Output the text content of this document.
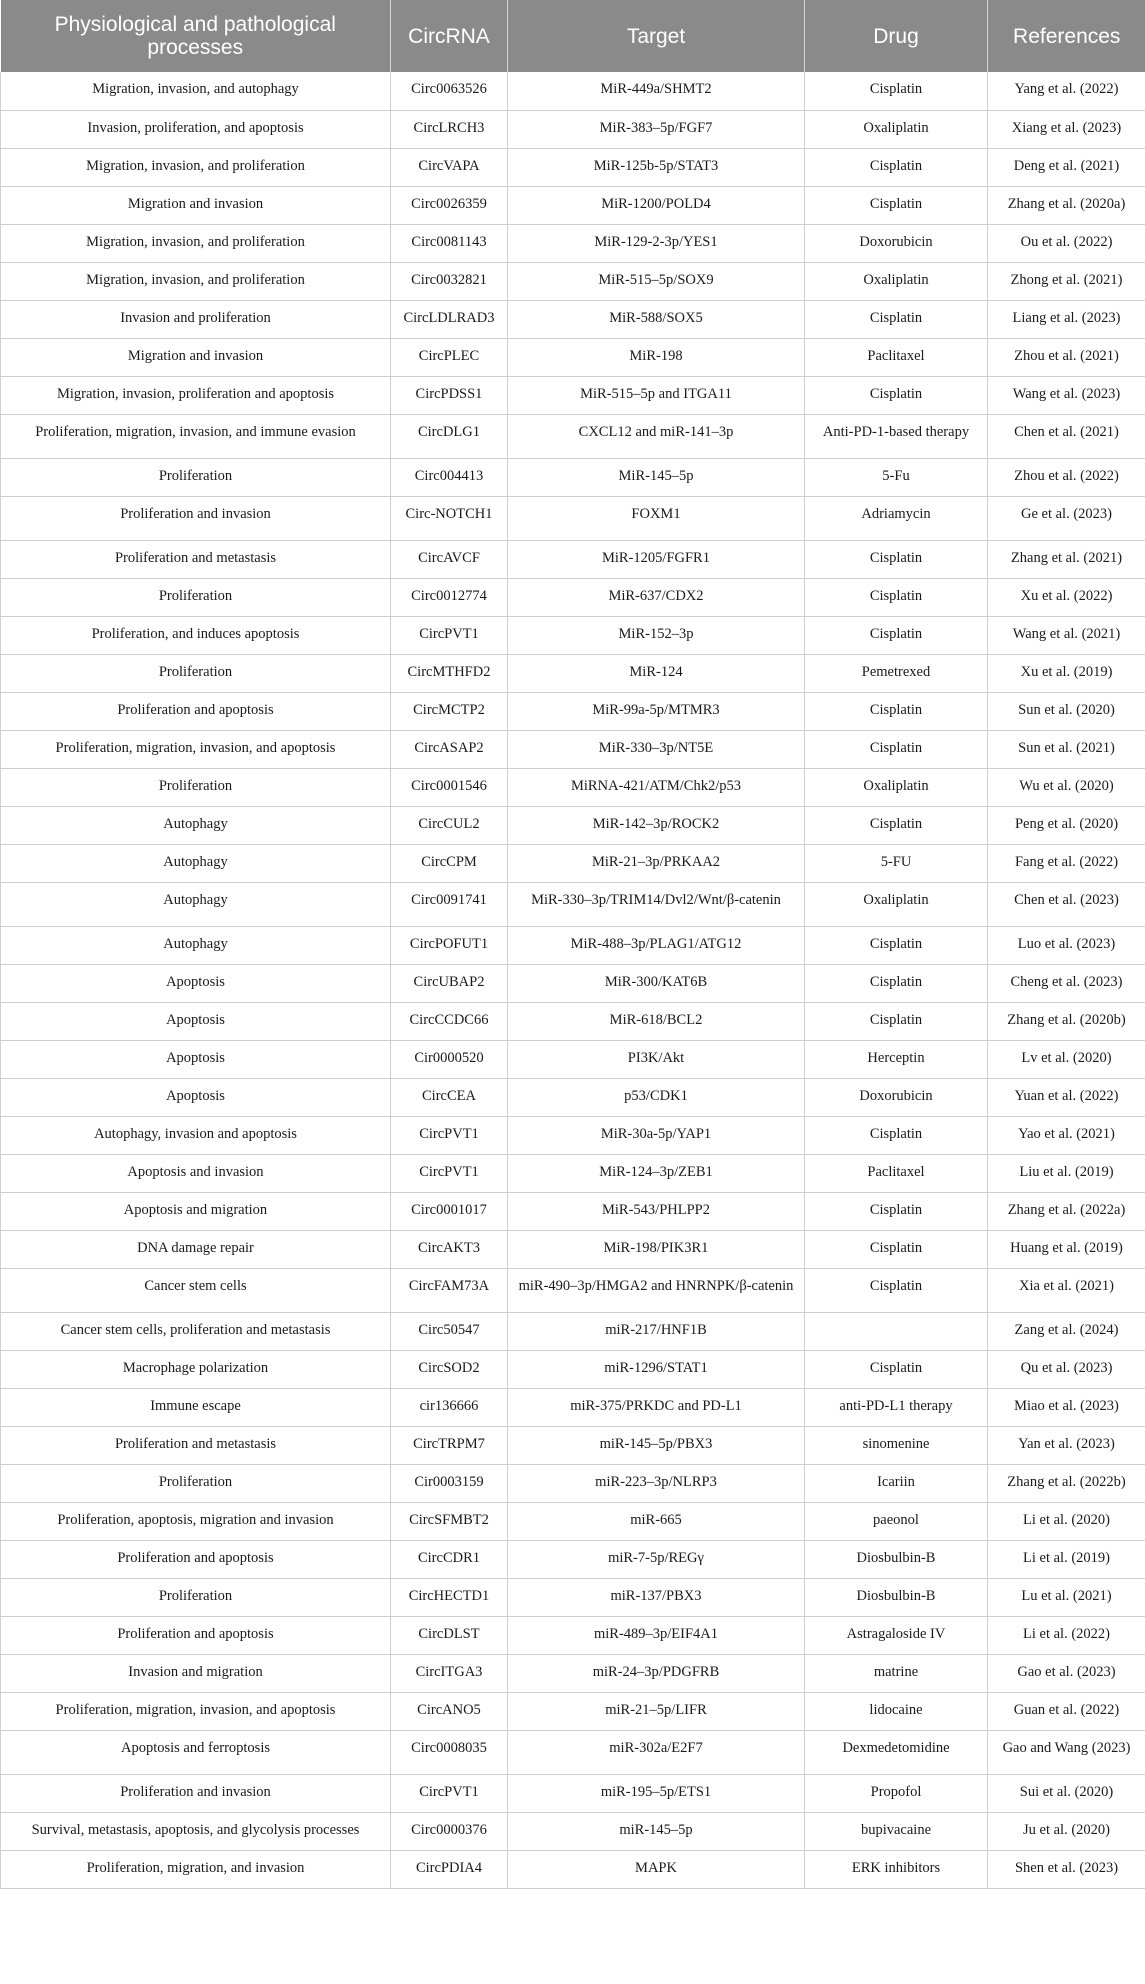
Physiological and pathological processes	CircRNA	Target	Drug	References
Migration, invasion, and autophagy	Circ0063526	MiR-449a/SHMT2	Cisplatin	Yang et al. (2022)
Invasion, proliferation, and apoptosis	CircLRCH3	MiR-383–5p/FGF7	Oxaliplatin	Xiang et al. (2023)
Migration, invasion, and proliferation	CircVAPA	MiR-125b-5p/STAT3	Cisplatin	Deng et al. (2021)
Migration and invasion	Circ0026359	MiR-1200/POLD4	Cisplatin	Zhang et al. (2020a)
Migration, invasion, and proliferation	Circ0081143	MiR-129-2-3p/YES1	Doxorubicin	Ou et al. (2022)
Migration, invasion, and proliferation	Circ0032821	MiR-515–5p/SOX9	Oxaliplatin	Zhong et al. (2021)
Invasion and proliferation	CircLDLRAD3	MiR-588/SOX5	Cisplatin	Liang et al. (2023)
Migration and invasion	CircPLEC	MiR-198	Paclitaxel	Zhou et al. (2021)
Migration, invasion, proliferation and apoptosis	CircPDSS1	MiR-515–5p and ITGA11	Cisplatin	Wang et al. (2023)
Proliferation, migration, invasion, and immune evasion	CircDLG1	CXCL12 and miR-141–3p	Anti-PD-1-based therapy	Chen et al. (2021)
Proliferation	Circ004413	MiR-145–5p	5-Fu	Zhou et al. (2022)
Proliferation and invasion	Circ-NOTCH1	FOXM1	Adriamycin	Ge et al. (2023)
Proliferation and metastasis	CircAVCF	MiR-1205/FGFR1	Cisplatin	Zhang et al. (2021)
Proliferation	Circ0012774	MiR-637/CDX2	Cisplatin	Xu et al. (2022)
Proliferation, and induces apoptosis	CircPVT1	MiR-152–3p	Cisplatin	Wang et al. (2021)
Proliferation	CircMTHFD2	MiR-124	Pemetrexed	Xu et al. (2019)
Proliferation and apoptosis	CircMCTP2	MiR-99a-5p/MTMR3	Cisplatin	Sun et al. (2020)
Proliferation, migration, invasion, and apoptosis	CircASAP2	MiR-330–3p/NT5E	Cisplatin	Sun et al. (2021)
Proliferation	Circ0001546	MiRNA-421/ATM/Chk2/p53	Oxaliplatin	Wu et al. (2020)
Autophagy	CircCUL2	MiR-142–3p/ROCK2	Cisplatin	Peng et al. (2020)
Autophagy	CircCPM	MiR-21–3p/PRKAA2	5-FU	Fang et al. (2022)
Autophagy	Circ0091741	MiR-330–3p/TRIM14/Dvl2/Wnt/β-catenin	Oxaliplatin	Chen et al. (2023)
Autophagy	CircPOFUT1	MiR-488–3p/PLAG1/ATG12	Cisplatin	Luo et al. (2023)
Apoptosis	CircUBAP2	MiR-300/KAT6B	Cisplatin	Cheng et al. (2023)
Apoptosis	CircCCDC66	MiR-618/BCL2	Cisplatin	Zhang et al. (2020b)
Apoptosis	Cir0000520	PI3K/Akt	Herceptin	Lv et al. (2020)
Apoptosis	CircCEA	p53/CDK1	Doxorubicin	Yuan et al. (2022)
Autophagy, invasion and apoptosis	CircPVT1	MiR-30a-5p/YAP1	Cisplatin	Yao et al. (2021)
Apoptosis and invasion	CircPVT1	MiR-124–3p/ZEB1	Paclitaxel	Liu et al. (2019)
Apoptosis and migration	Circ0001017	MiR-543/PHLPP2	Cisplatin	Zhang et al. (2022a)
DNA damage repair	CircAKT3	MiR-198/PIK3R1	Cisplatin	Huang et al. (2019)
Cancer stem cells	CircFAM73A	miR-490–3p/HMGA2 and HNRNPK/β-catenin	Cisplatin	Xia et al. (2021)
Cancer stem cells, proliferation and metastasis	Circ50547	miR-217/HNF1B		Zang et al. (2024)
Macrophage polarization	CircSOD2	miR-1296/STAT1	Cisplatin	Qu et al. (2023)
Immune escape	cir136666	miR-375/PRKDC and PD-L1	anti-PD-L1 therapy	Miao et al. (2023)
Proliferation and metastasis	CircTRPM7	miR-145–5p/PBX3	sinomenine	Yan et al. (2023)
Proliferation	Cir0003159	miR-223–3p/NLRP3	Icariin	Zhang et al. (2022b)
Proliferation, apoptosis, migration and invasion	CircSFMBT2	miR-665	paeonol	Li et al. (2020)
Proliferation and apoptosis	CircCDR1	miR-7-5p/REGγ	Diosbulbin-B	Li et al. (2019)
Proliferation	CircHECTD1	miR-137/PBX3	Diosbulbin-B	Lu et al. (2021)
Proliferation and apoptosis	CircDLST	miR-489–3p/EIF4A1	Astragaloside IV	Li et al. (2022)
Invasion and migration	CircITGA3	miR-24–3p/PDGFRB	matrine	Gao et al. (2023)
Proliferation, migration, invasion, and apoptosis	CircANO5	miR-21–5p/LIFR	lidocaine	Guan et al. (2022)
Apoptosis and ferroptosis	Circ0008035	miR-302a/E2F7	Dexmedetomidine	Gao and Wang (2023)
Proliferation and invasion	CircPVT1	miR-195–5p/ETS1	Propofol	Sui et al. (2020)
Survival, metastasis, apoptosis, and glycolysis processes	Circ0000376	miR-145–5p	bupivacaine	Ju et al. (2020)
Proliferation, migration, and invasion	CircPDIA4	MAPK	ERK inhibitors	Shen et al. (2023)
